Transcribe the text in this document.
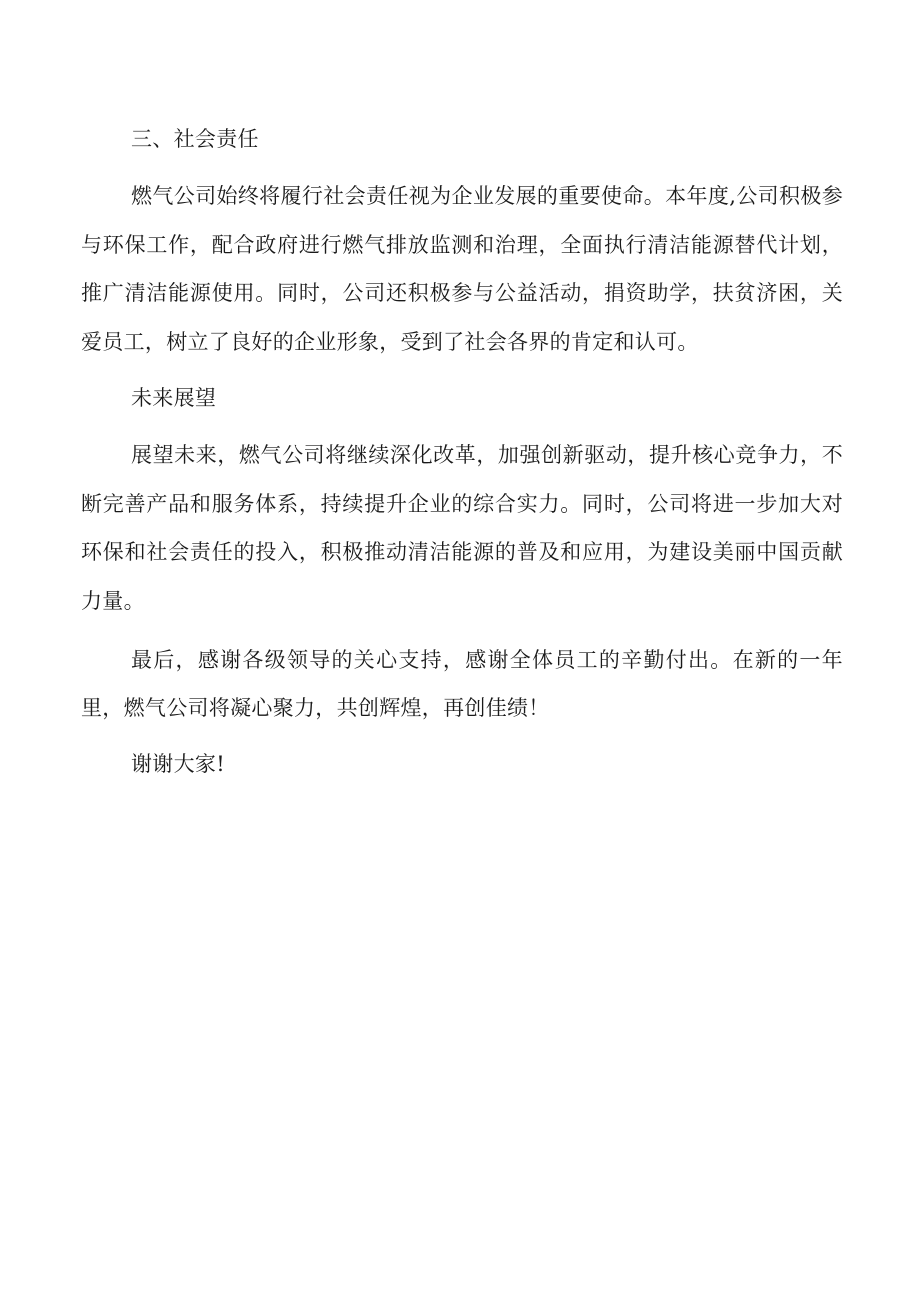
三、社会责任

燃气公司始终将履行社会责任视为企业发展的重要使命。本年度,公司积极参与环保工作，配合政府进行燃气排放监测和治理，全面执行清洁能源替代计划，推广清洁能源使用。同时，公司还积极参与公益活动，捐资助学，扶贫济困，关爱员工，树立了良好的企业形象，受到了社会各界的肯定和认可。

未来展望

展望未来，燃气公司将继续深化改革，加强创新驱动，提升核心竞争力，不断完善产品和服务体系，持续提升企业的综合实力。同时，公司将进一步加大对环保和社会责任的投入，积极推动清洁能源的普及和应用，为建设美丽中国贡献力量。

最后，感谢各级领导的关心支持，感谢全体员工的辛勤付出。在新的一年里，燃气公司将凝心聚力，共创辉煌，再创佳绩！

谢谢大家!
